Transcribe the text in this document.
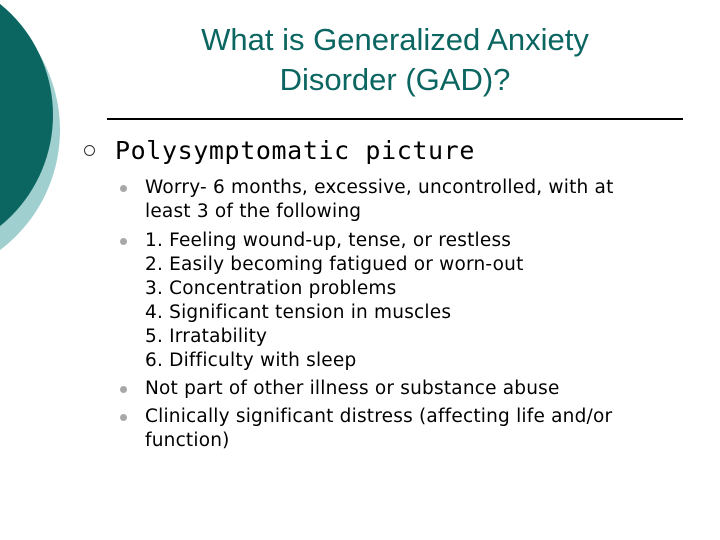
What is Generalized Anxiety
Disorder (GAD)?
Polysymptomatic picture
Worry- 6 months, excessive, uncontrolled, with at
least 3 of the following
1. Feeling wound-up, tense, or restless
2. Easily becoming fatigued or worn-out
3. Concentration problems
4. Significant tension in muscles
5. Irratability
6. Difficulty with sleep
Not part of other illness or substance abuse
Clinically significant distress (affecting life and/or
function)
